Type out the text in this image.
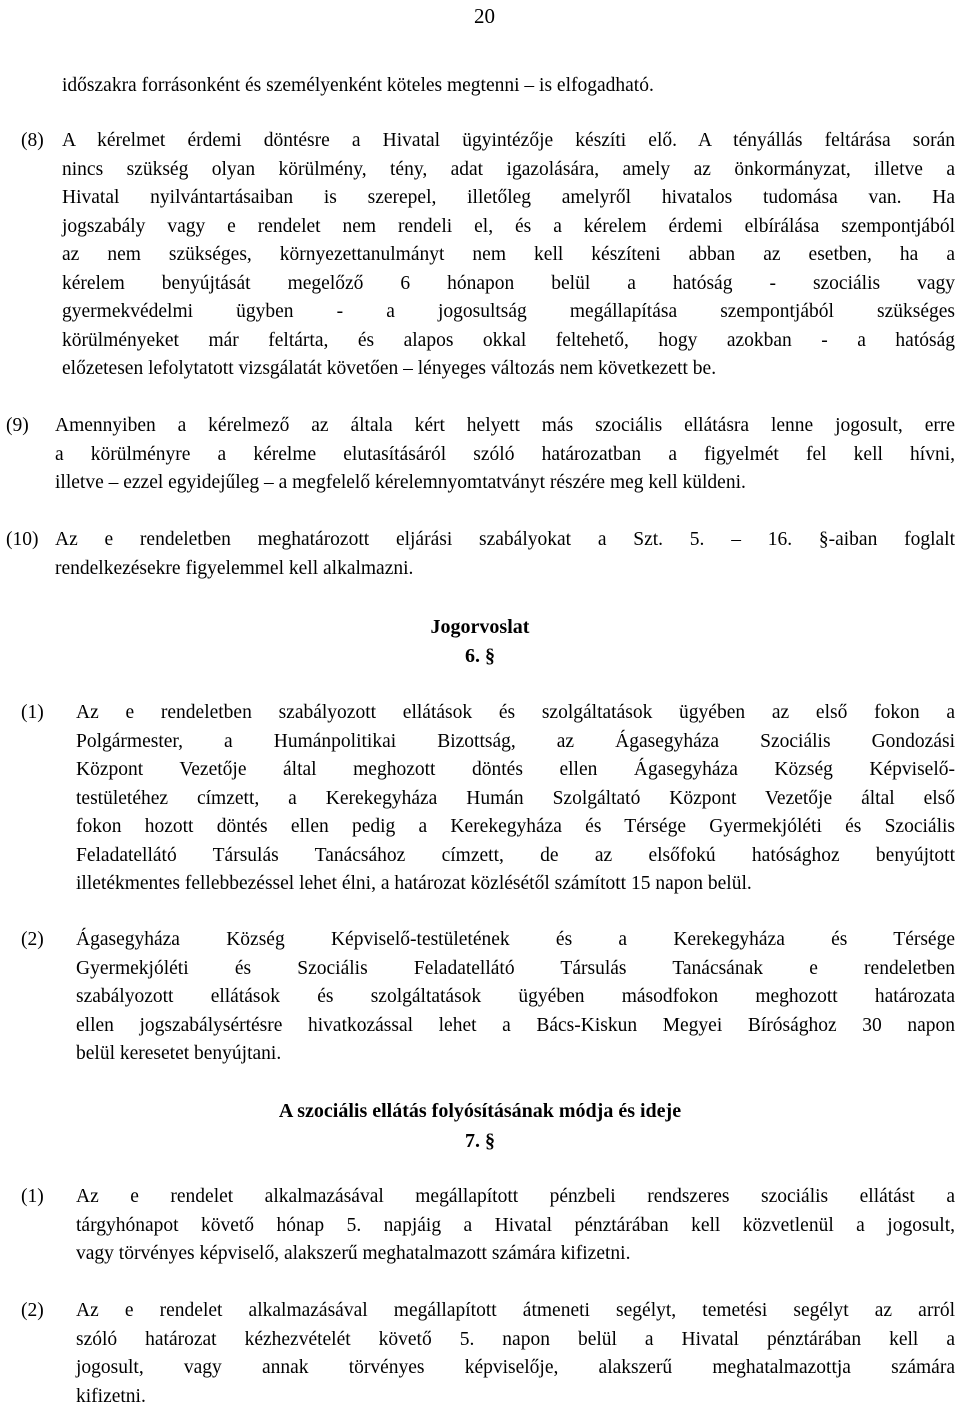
20
időszakra forrásonként és személyenként köteles megtenni – is elfogadható.
(8) A kérelmet érdemi döntésre a Hivatal ügyintézője készíti elő. A tényállás feltárása során
nincs szükség olyan körülmény, tény, adat igazolására, amely az önkormányzat, illetve a
Hivatal nyilvántartásaiban is szerepel, illetőleg amelyről hivatalos tudomása van. Ha
jogszabály vagy e rendelet nem rendeli el, és a kérelem érdemi elbírálása szempontjából
az nem szükséges, környezettanulmányt nem kell készíteni abban az esetben, ha a
kérelem benyújtását megelőző 6 hónapon belül a hatóság - szociális vagy
gyermekvédelmi ügyben - a jogosultság megállapítása szempontjából szükséges
körülményeket már feltárta, és alapos okkal feltehető, hogy azokban - a hatóság
előzetesen lefolytatott vizsgálatát követően – lényeges változás nem következett be.
(9) Amennyiben a kérelmező az általa kért helyett más szociális ellátásra lenne jogosult, erre
a körülményre a kérelme elutasításáról szóló határozatban a figyelmét fel kell hívni,
illetve – ezzel egyidejűleg – a megfelelő kérelemnyomtatványt részére meg kell küldeni.
(10) Az e rendeletben meghatározott eljárási szabályokat a Szt. 5. – 16. §-aiban foglalt
rendelkezésekre figyelemmel kell alkalmazni.
Jogorvoslat
6. §
(1) Az e rendeletben szabályozott ellátások és szolgáltatások ügyében az első fokon a
Polgármester, a Humánpolitikai Bizottság, az Ágasegyháza Szociális Gondozási
Központ Vezetője által meghozott döntés ellen Ágasegyháza Község Képviselő-
testületéhez címzett, a Kerekegyháza Humán Szolgáltató Központ Vezetője által első
fokon hozott döntés ellen pedig a Kerekegyháza és Térsége Gyermekjóléti és Szociális
Feladatellátó Társulás Tanácsához címzett, de az elsőfokú hatósághoz benyújtott
illetékmentes fellebbezéssel lehet élni, a határozat közlésétől számított 15 napon belül.
(2) Ágasegyháza Község Képviselő-testületének és a Kerekegyháza és Térsége
Gyermekjóléti és Szociális Feladatellátó Társulás Tanácsának e rendeletben
szabályozott ellátások és szolgáltatások ügyében másodfokon meghozott határozata
ellen jogszabálysértésre hivatkozással lehet a Bács-Kiskun Megyei Bírósághoz 30 napon
belül keresetet benyújtani.
A szociális ellátás folyósításának módja és ideje
7. §
(1) Az e rendelet alkalmazásával megállapított pénzbeli rendszeres szociális ellátást a
tárgyhónapot követő hónap 5. napjáig a Hivatal pénztárában kell közvetlenül a jogosult,
vagy törvényes képviselő, alakszerű meghatalmazott számára kifizetni.
(2) Az e rendelet alkalmazásával megállapított átmeneti segélyt, temetési segélyt az arról
szóló határozat kézhezvételét követő 5. napon belül a Hivatal pénztárában kell a
jogosult, vagy annak törvényes képviselője, alakszerű meghatalmazottja számára
kifizetni.
